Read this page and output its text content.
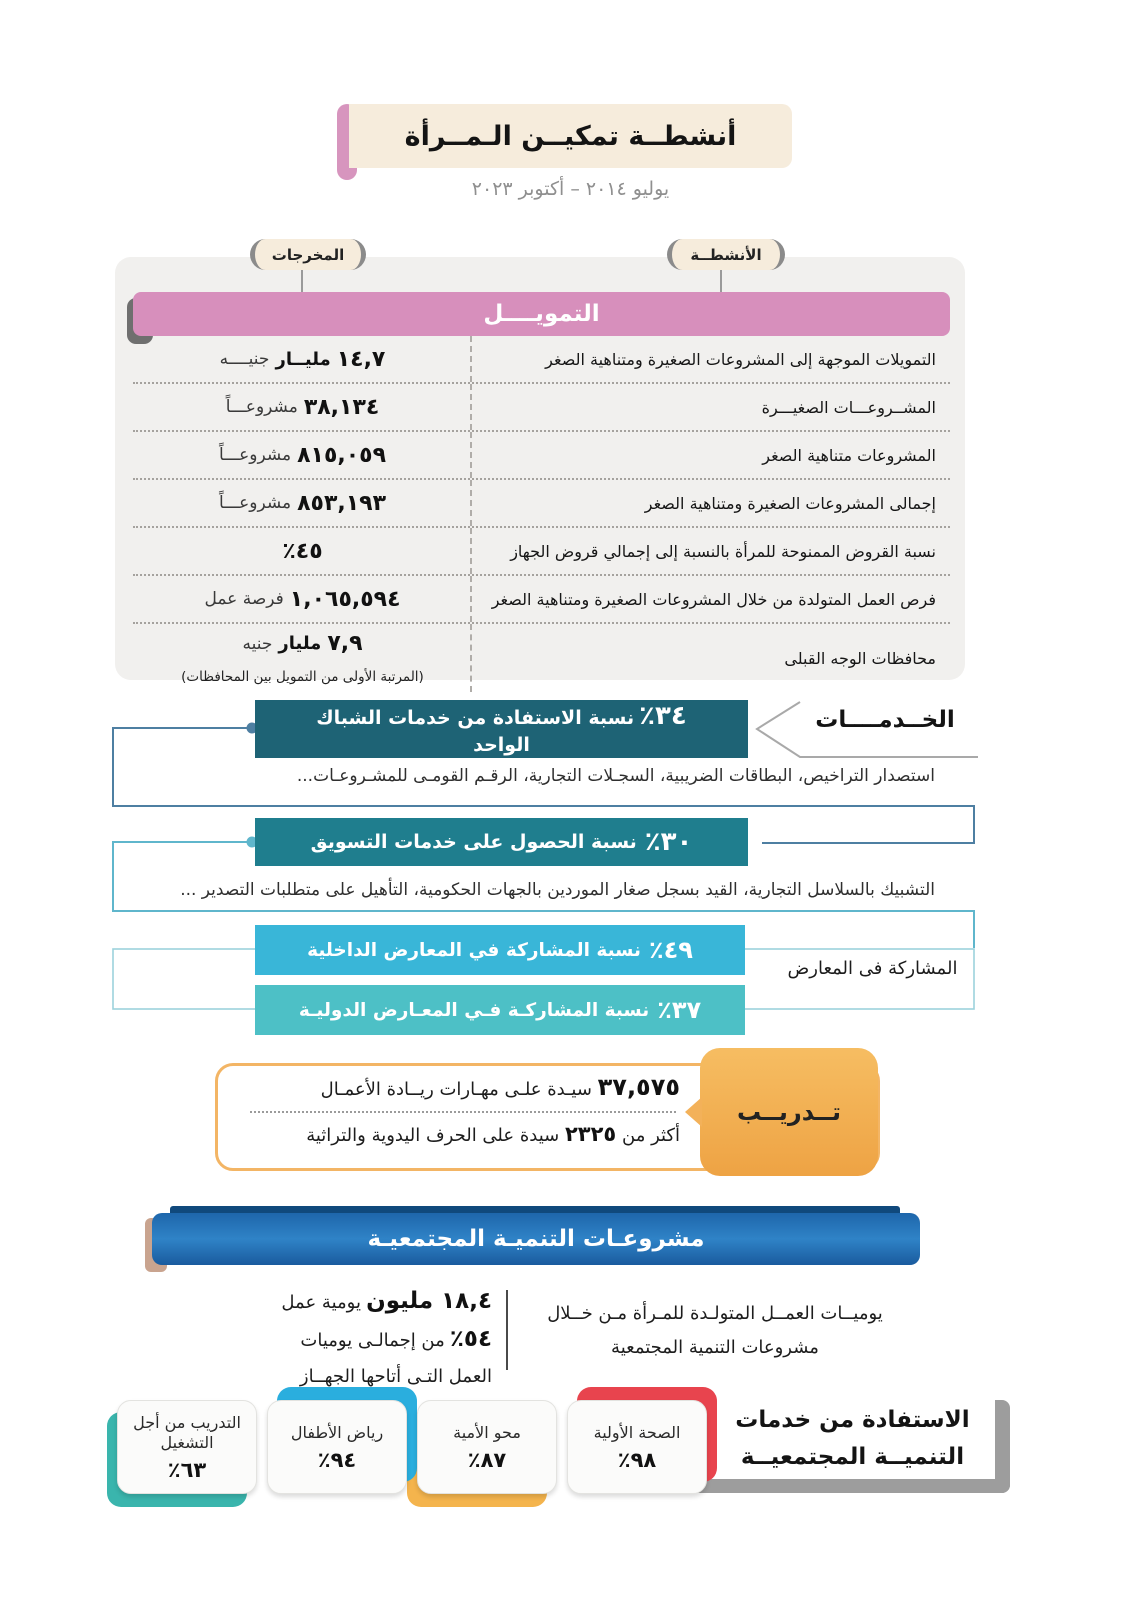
أنشطــة تمكيــن الـمــرأة
يوليو ٢٠١٤ – أكتوبر ٢٠٢٣
المخرجات	الأنشطــة
التمويــــل
التمويلات الموجهة إلى المشروعات الصغيرة ومتناهية الصغر
١٤,٧
مليــار
جنيــــه
المشــروعـــات الصغيـــرة
٣٨,١٣٤
مشروعـــاً
المشروعات متناهية الصغر
٨١٥,٠٥٩
مشروعـــاً
إجمالى المشروعات الصغيرة ومتناهية الصغر
٨٥٣,١٩٣
مشروعـــاً
نسبة القروض الممنوحة للمرأة بالنسبة إلى إجمالي قروض الجهاز
٤٥٪
فرص العمل المتولدة من خلال المشروعات الصغيرة ومتناهية الصغر
١,٠٦٥,٥٩٤
فرصة عمل
محافظات الوجه القبلى
٧,٩
مليار
جنيه
(المرتبة الأولى من التمويل بين المحافظات)
الخــدمــــات
٣٤٪ نسبة الاستفادة من خدمات الشباك الواحد
استصدار التراخيص، البطاقات الضريبية، السجـلات التجارية، الرقـم القومـى للمشـروعـات...
٣٠٪
نسبة الحصول على خدمات التسويق
التشبيك بالسلاسل التجارية، القيد بسجل صغار الموردين بالجهات الحكومية، التأهيل على متطلبات التصدير ...
٤٩٪
نسبة المشاركة في المعارض الداخلية
٣٧٪
نسبة المشاركـة فـي المعـارض الدوليـة
المشاركة فى المعارض
تــدريــب
٣٧,٥٧٥ سيـدة علـى مهـارات ريــادة الأعمـال
أكثر من ٢٣٢٥ سيدة على الحرف اليدوية والتراثية
مشروعـات التنميـة المجتمعيـة
يوميــات العمــل المتولـدة للمـرأة مـن خــلال
مشروعات التنمية المجتمعية
١٨,٤ مليون يومية عمل
٥٤٪ من إجمالـى يوميات
العمل التـى أتاحها الجهــاز
الاستفادة من خدمات
التنميــة المجتمعيــة
الصحة الأولية
٩٨٪
محو الأمية
٨٧٪
رياض الأطفال
٩٤٪
التدريب من أجل التشغيل
٦٣٪
